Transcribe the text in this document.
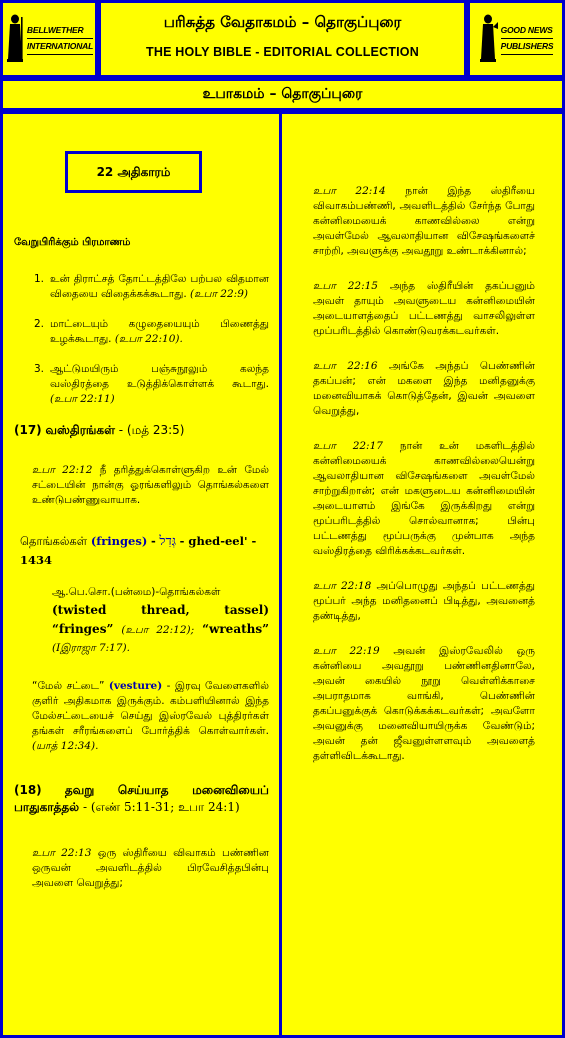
BELLWETHER
INTERNATIONAL
பரிசுத்த வேதாகமம் – தொகுப்புரை
THE HOLY BIBLE - EDITORIAL COLLECTION
GOOD NEWS
PUBLISHERS
உபாகமம் – தொகுப்புரை
22 அதிகாரம்

வேறுபிரிக்கும் பிரமாணம்

1. உன் திராட்சத் தோட்டத்திலே பற்பல விதமான விதையை விதைக்கக்கூடாது. (உபா 22:9)
2. மாட்டையும் கழுதையையும் பிணைத்து உழக்கூடாது. (உபா 22:10).
3. ஆட்டுமயிரும் பஞ்சுநூலும் கலந்த வஸ்திரத்தை உடுத்திக்கொள்ளக் கூடாது. (உபா 22:11)

(17) வஸ்திரங்கள் - (மத் 23:5)

உபா 22:12 நீ தரித்துக்கொள்ளுகிற உன் மேல் சட்டையின் நான்கு ஓரங்களிலும் தொங்கல்களை உண்டுபண்ணுவாயாக.

தொங்கல்கள் (fringes) - גְּדִל - ghed-eel' - 1434

ஆ.பெ.சொ.(பன்மை)-தொங்கல்கள் (twisted thread, tassel) “fringes” (உபா 22:12); “wreaths” (Iஇராஜா 7:17).

“மேல் சட்டை” (vesture) - இரவு வேளைகளில் குளிர் அதிகமாக இருக்கும். கம்பளியினால் இந்த மேல்சட்டையைச் செய்து இஸ்ரவேல் புத்திரர்கள் தங்கள் சரீரங்களைப் போர்த்திக் கொள்வார்கள். (யாத் 12:34).

(18) தவறு செய்யாத மனைவியைப் பாதுகாத்தல் - (எண் 5:11-31; உபா 24:1)

உபா 22:13 ஒரு ஸ்திரீயை விவாகம் பண்ணின ஒருவன் அவளிடத்தில் பிரவேசித்தபின்பு அவளை வெறுத்து;

உபா 22:14 நான் இந்த ஸ்திரீயை விவாகம்பண்ணி, அவளிடத்தில் சேர்ந்த போது கன்னிமையைக் காணவில்லை என்று அவள்மேல் ஆவலாதியான விசேஷங்களைச் சாற்றி, அவளுக்கு அவதூறு உண்டாக்கினால்;

உபா 22:15 அந்த ஸ்திரீயின் தகப்பனும் அவள் தாயும் அவளுடைய கன்னிமையின் அடையாளத்தைப் பட்டணத்து வாசலிலுள்ள மூப்பரிடத்தில் கொண்டுவரக்கடவர்கள்.

உபா 22:16 அங்கே அந்தப் பெண்ணின் தகப்பன்; என் மகளை இந்த மனிதனுக்கு மனைவியாகக் கொடுத்தேன், இவன் அவளை வெறுத்து,

உபா 22:17 நான் உன் மகளிடத்தில் கன்னிமையைக் காணவில்லையென்று ஆவலாதியான விசேஷங்களை அவள்மேல் சாற்றுகிறான்; என் மகளுடைய கன்னிமையின் அடையாளம் இங்கே இருக்கிறது என்று மூப்பரிடத்தில் சொல்வானாக; பின்பு பட்டணத்து மூப்பருக்கு முன்பாக அந்த வஸ்திரத்தை விரிக்கக்கடவர்கள்.

உபா 22:18 அப்பொழுது அந்தப் பட்டணத்து மூப்பர் அந்த மனிதனைப் பிடித்து, அவனைத் தண்டித்து,

உபா 22:19 அவன் இஸ்ரவேலில் ஒரு கன்னியை அவதூறு பண்ணினதினாலே, அவன் கையில் நூறு வெள்ளிக்காசை அபராதமாக வாங்கி, பெண்ணின் தகப்பனுக்குக் கொடுக்கக்கடவர்கள்; அவளோ அவனுக்கு மனைவியாயிருக்க வேண்டும்; அவன் தன் ஜீவனுள்ளளவும் அவளைத் தள்ளிவிடக்கூடாது.
